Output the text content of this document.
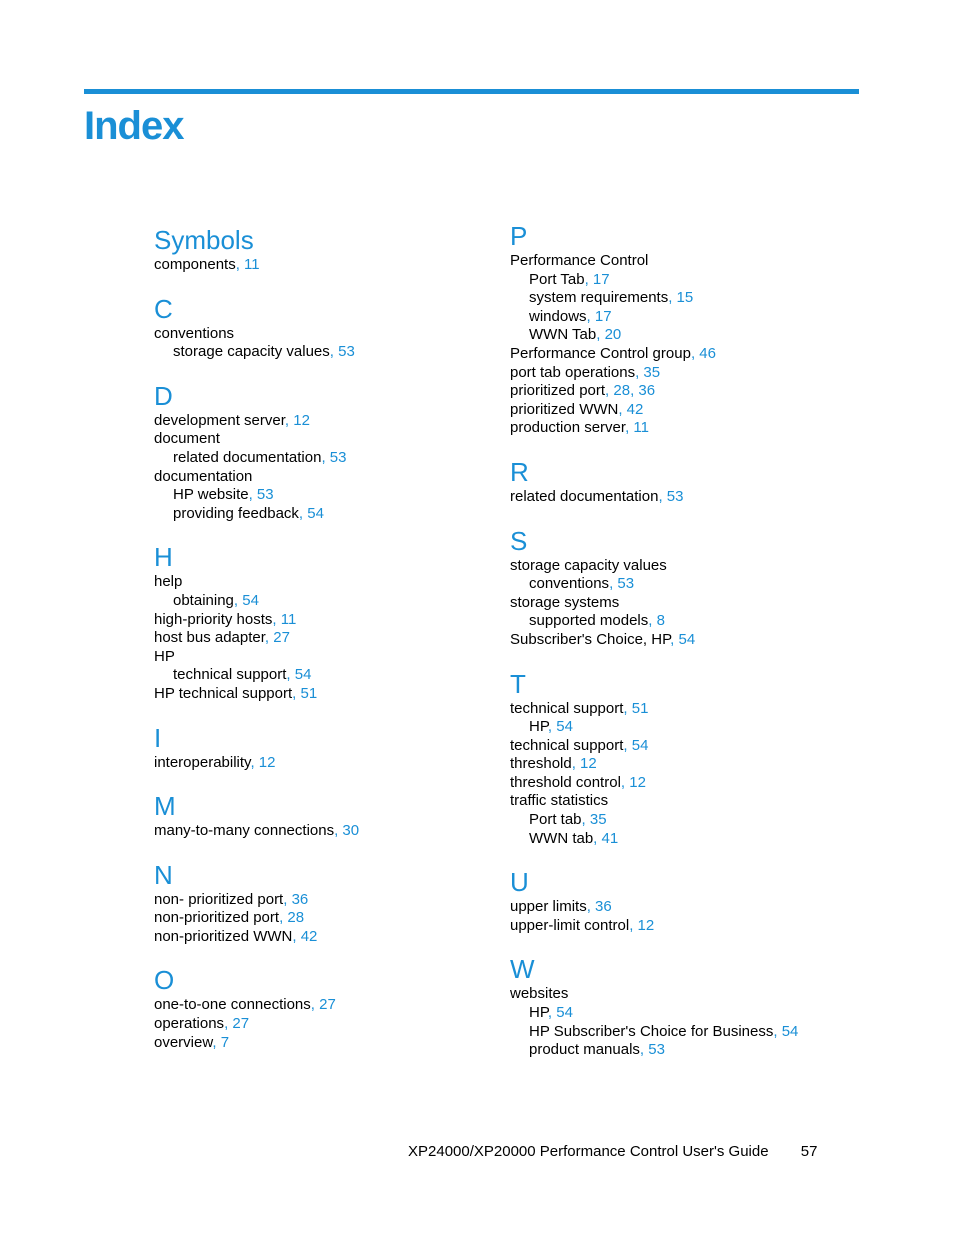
Index
Symbols
components, 11
C
conventions
storage capacity values, 53
D
development server, 12
document
related documentation, 53
documentation
HP website, 53
providing feedback, 54
H
help
obtaining, 54
high-priority hosts, 11
host bus adapter, 27
HP
technical support, 54
HP technical support, 51
I
interoperability, 12
M
many-to-many connections, 30
N
non- prioritized port, 36
non-prioritized port, 28
non-prioritized WWN, 42
O
one-to-one connections, 27
operations, 27
overview, 7
P
Performance Control
Port Tab, 17
system requirements, 15
windows, 17
WWN Tab, 20
Performance Control group, 46
port tab operations, 35
prioritized port, 28, 36
prioritized WWN, 42
production server, 11
R
related documentation, 53
S
storage capacity values
conventions, 53
storage systems
supported models, 8
Subscriber's Choice, HP, 54
T
technical support, 51
HP, 54
technical support, 54
threshold, 12
threshold control, 12
traffic statistics
Port tab, 35
WWN tab, 41
U
upper limits, 36
upper-limit control, 12
W
websites
HP, 54
HP Subscriber's Choice for Business, 54
product manuals, 53
XP24000/XP20000 Performance Control User's Guide 57
